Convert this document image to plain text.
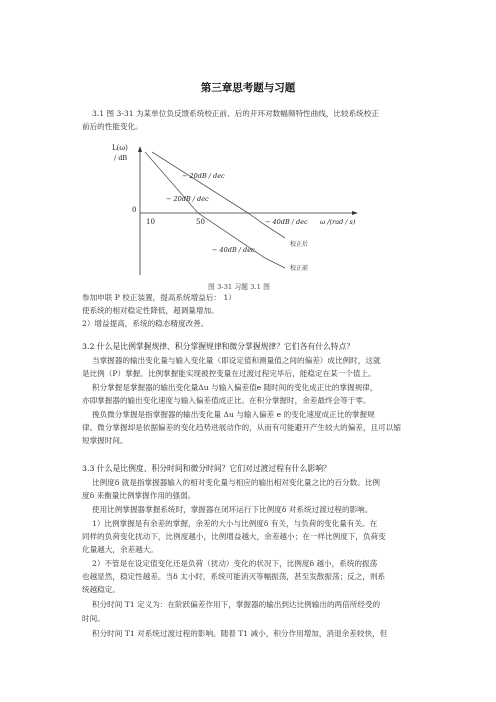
第三章思考题与习题
3.1 图 3-31 为某单位负反馈系统校正前、后的开环对数幅频特性曲线，比较系统校正
前后的性能变化。
L(ω)
/ dB
0
10	50
− 20dB / dec
− 20dB / dec
− 40dB / dec
− 40dB / dec
ω /(rad / s)
校正后
校正前
图 3-31 习题 3.1 图
参加申联 P 校正装置，提高系统增益后： 1）
使系统的相对稳定性降低，超调量增加。
2）增益提高，系统的稳态精度改善。
3.2 什么是比例掌握规律、积分掌握规律和微分掌握规律？它们各有什么特点？
当掌握器的输出变化量与输入变化量（即设定值和测量值之间的偏差）成比例时，这就
是比例（P）掌握。比例掌握能实现被控变量在过渡过程完毕后，能稳定在某一个值上。
积分掌握是掌握器的输出变化量Δu 与输入偏差值e 随时间的变化成正比的掌握规律，
亦即掌握器的输出变化速度与输入偏差值成正比。在积分掌握时，余差最终会等于零。
挽负微分掌握是指掌握器的输出变化量 Δu 与输入偏差 e 的变化速度成正比的掌握规
律。微分掌握却是依据偏差的变化趋势进展动作的，从而有可能避开产生较大的偏差，且可以缩
短掌握时间。
3.3 什么是比例度、积分时间和微分时间？它们对过渡过程有什么影响？
比例度δ 就是指掌握器输入的相对变化量与相应的输出相对变化量之比的百分数。比例
度δ 来衡量比例掌握作用的强弱。
使用比例掌握器掌握系统时，掌握器在闭环运行下比例度δ 对系统过渡过程的影响。
1）比例掌握是有余差的掌握，余差的大小与比例度δ 有关，与负荷的变化量有关。在
同样的负荷变化扰动下，比例度越小，比例增益越大，余差越小；在一样比例度下，负荷变
化量越大，余差越大。
2）不管是在设定值变化还是负荷（扰动）变化的状况下，比例度δ 越小，系统的振荡
也越显然，稳定性越差。当δ 太小时，系统可能消灭等幅振荡，甚至发散振荡；反之，则系
统越稳定。
积分时间 T1 定义为：在阶跃偏差作用下，掌握器的输出到达比例输出的两倍所经受的
时间。
积分时间 T1 对系统过渡过程的影响。随着 T1 减小，积分作用增加，消退余差较快，但
